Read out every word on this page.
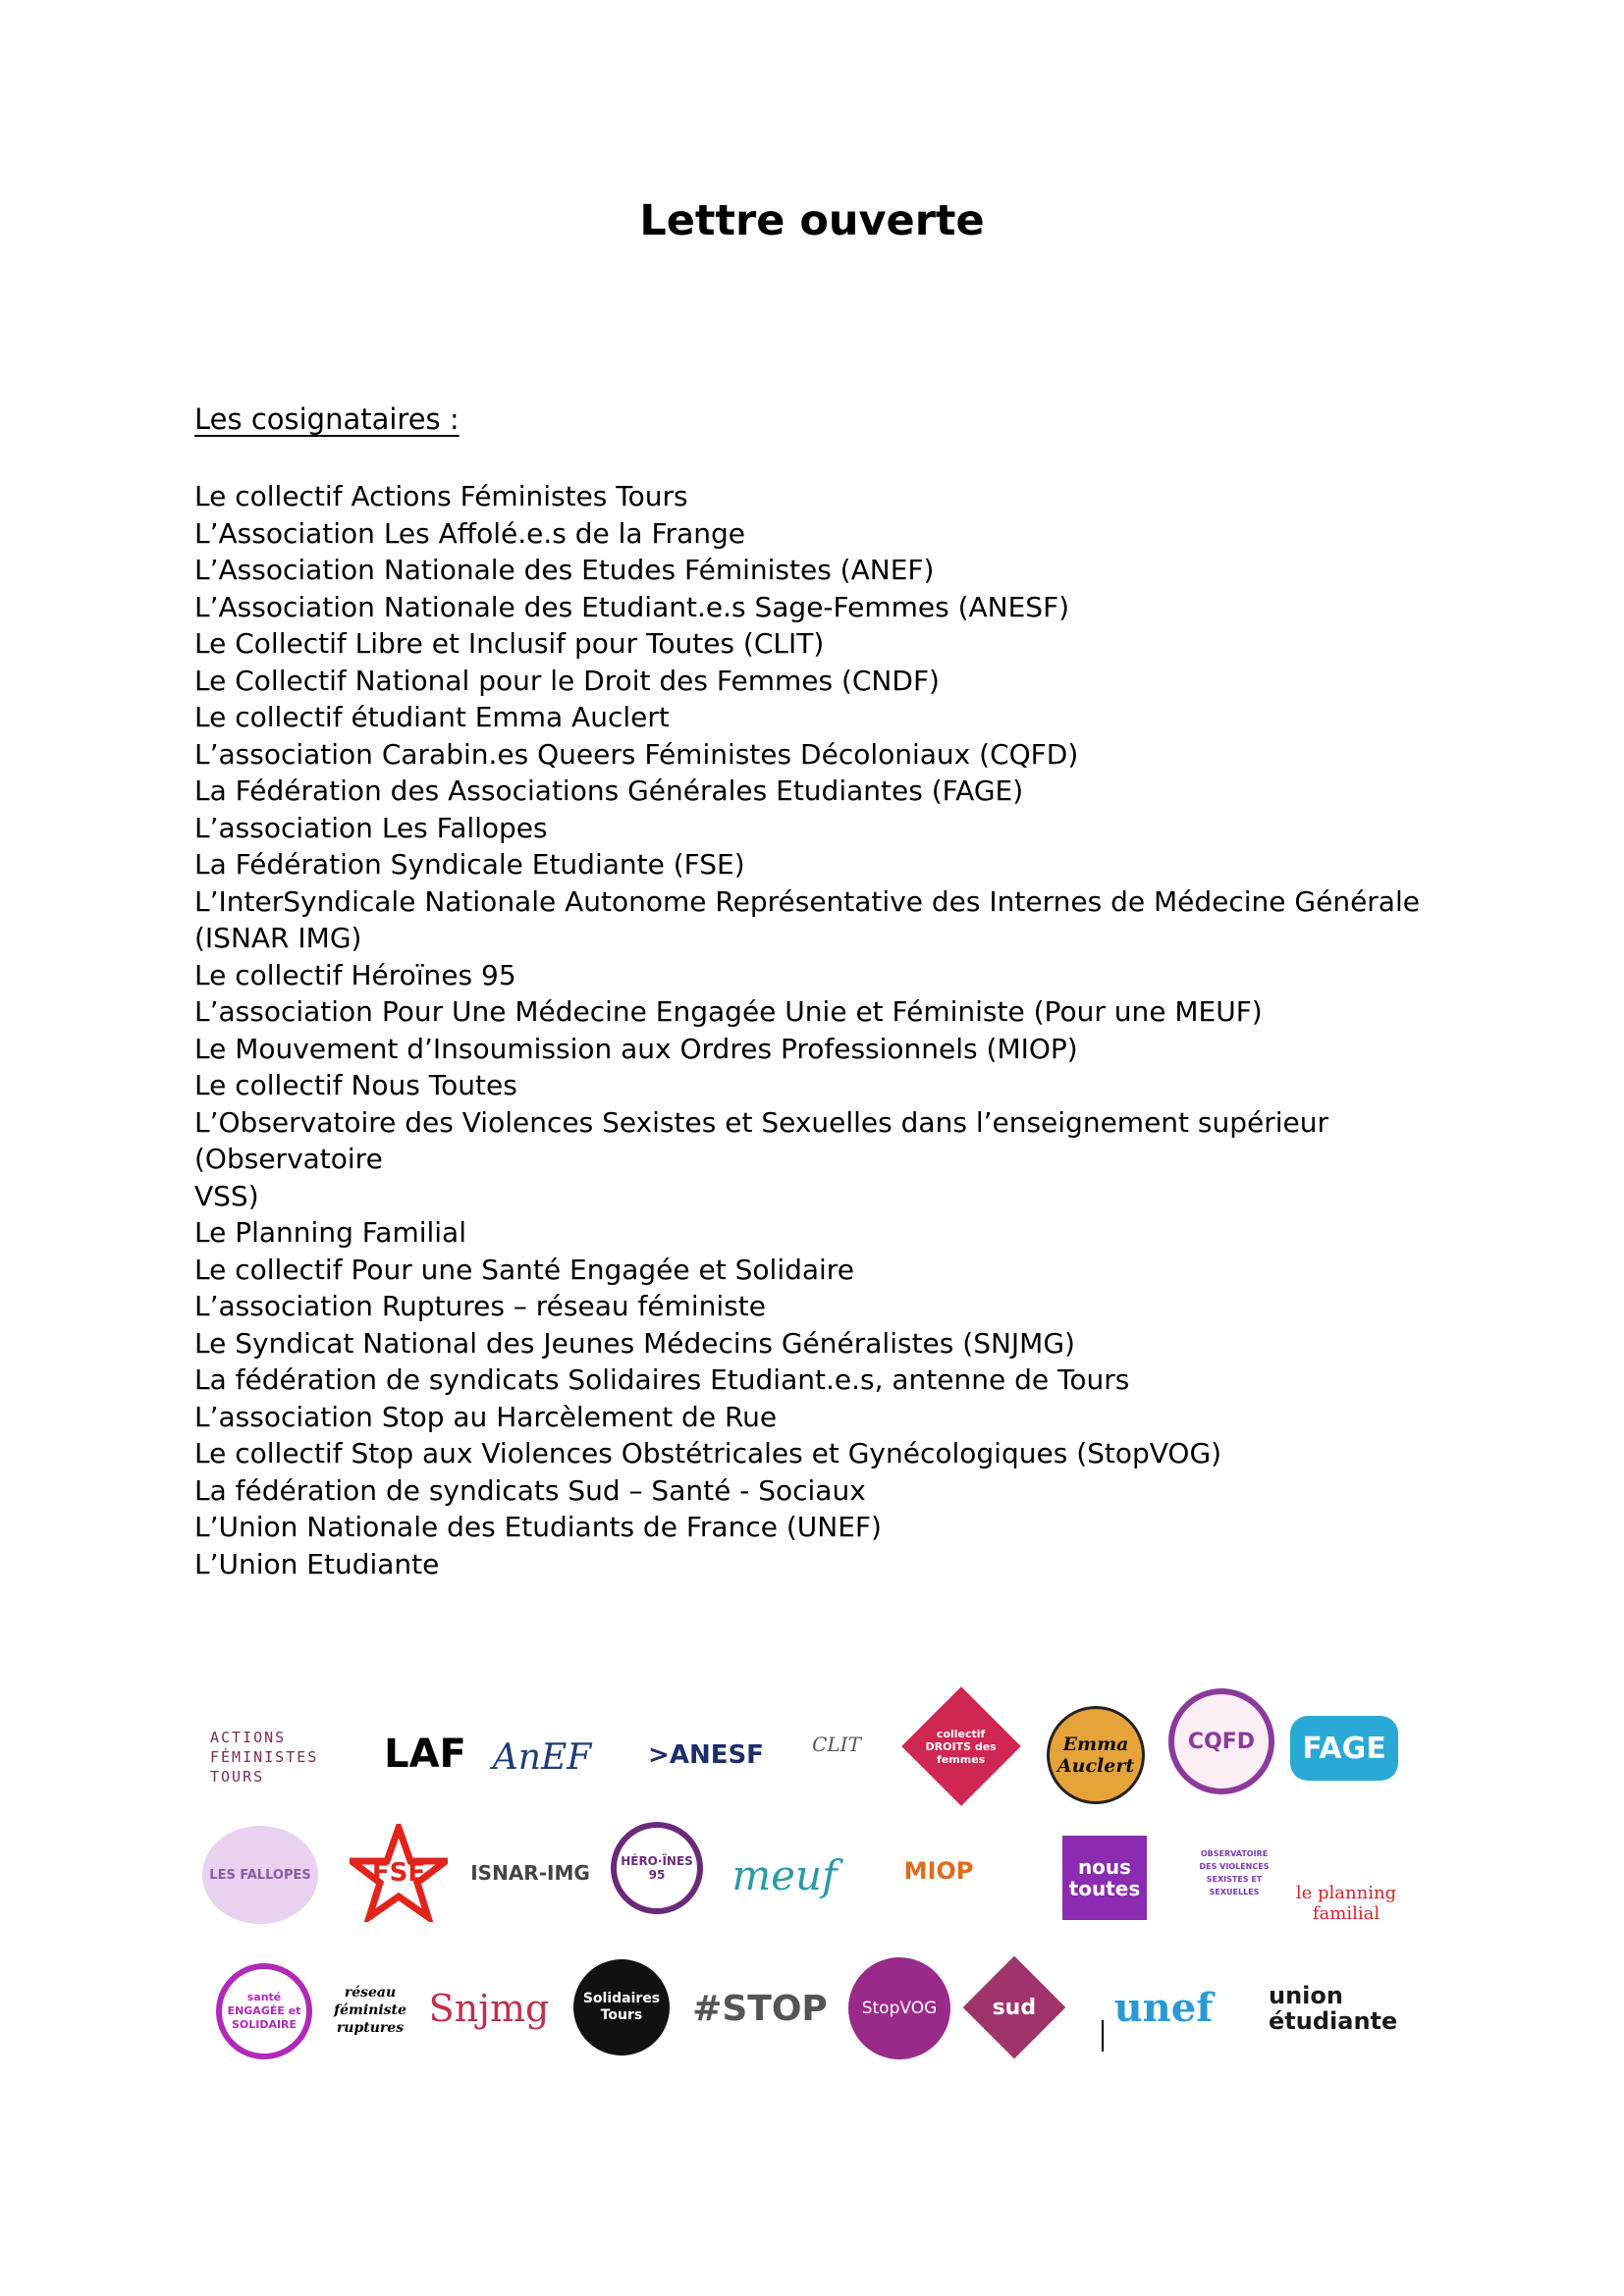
Lettre ouverte

Les cosignataires :

Le collectif Actions Féministes Tours
L’Association Les Affolé.e.s de la Frange
L’Association Nationale des Etudes Féministes (ANEF)
L’Association Nationale des Etudiant.e.s Sage-Femmes (ANESF)
Le Collectif Libre et Inclusif pour Toutes (CLIT)
Le Collectif National pour le Droit des Femmes (CNDF)
Le collectif étudiant Emma Auclert
L’association Carabin.es Queers Féministes Décoloniaux (CQFD)
La Fédération des Associations Générales Etudiantes (FAGE)
L’association Les Fallopes
La Fédération Syndicale Etudiante (FSE)
L’InterSyndicale Nationale Autonome Représentative des Internes de Médecine Générale
(ISNAR IMG)
Le collectif Héroïnes 95
L’association Pour Une Médecine Engagée Unie et Féministe (Pour une MEUF)
Le Mouvement d’Insoumission aux Ordres Professionnels (MIOP)
Le collectif Nous Toutes
L’Observatoire des Violences Sexistes et Sexuelles dans l’enseignement supérieur (Observatoire
VSS)
Le Planning Familial
Le collectif Pour une Santé Engagée et Solidaire
L’association Ruptures – réseau féministe
Le Syndicat National des Jeunes Médecins Généralistes (SNJMG)
La fédération de syndicats Solidaires Etudiant.e.s, antenne de Tours
L’association Stop au Harcèlement de Rue
Le collectif Stop aux Violences Obstétricales et Gynécologiques (StopVOG)
La fédération de syndicats Sud – Santé - Sociaux
L’Union Nationale des Etudiants de France (UNEF)
L’Union Etudiante
ACTIONS FÉMINISTES TOURS	LAF AnEF >ANESF CLIT	collectif DROITS des femmes
Emma Auclert
CQFD FAGE
LES FALLOPES FSE ISNAR-IMG	HÉRO·ÏNES 95	meuf	MIOP	nous toutes
OBSERVATOIRE DES VIOLENCES SEXISTES ET SEXUELLES	le planning familial
santé ENGAGÉE et SOLIDAIRE
réseau féministe ruptures Snjmg	Solidaires Tours	#STOP StopVOG	sud unef union étudiante
